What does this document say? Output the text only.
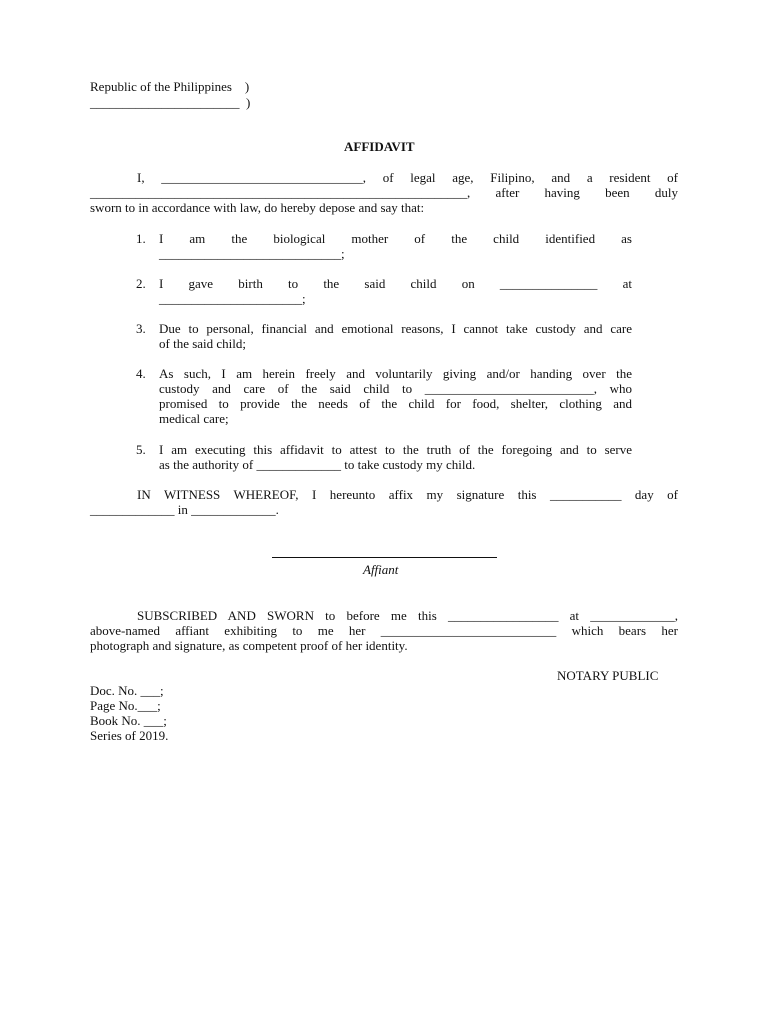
Republic of the Philippines    )
_______________________  )
AFFIDAVIT
I, _______________________________, of legal age, Filipino, and a resident of
__________________________________________________________, after having been duly
sworn to in accordance with law, do hereby depose and say that:
1. I am the biological mother of the child identified as
____________________________;
2. I gave birth to the said child on _______________ at
______________________;
3. Due to personal, financial and emotional reasons, I cannot take custody and care
of the said child;
4. As such, I am herein freely and voluntarily giving and/or handing over the
custody and care of the said child to __________________________, who
promised to provide the needs of the child for food, shelter, clothing and
medical care;
5. I am executing this affidavit to attest to the truth of the foregoing and to serve
as the authority of _____________ to take custody my child.
IN WITNESS WHEREOF, I hereunto affix my signature this ___________ day of
_____________ in _____________.
Affiant
SUBSCRIBED AND SWORN to before me this _________________ at _____________,
above-named affiant exhibiting to me her ___________________________ which bears her
photograph and signature, as competent proof of her identity.
NOTARY PUBLIC
Doc. No. ___;
Page No.___;
Book No. ___;
Series of 2019.
